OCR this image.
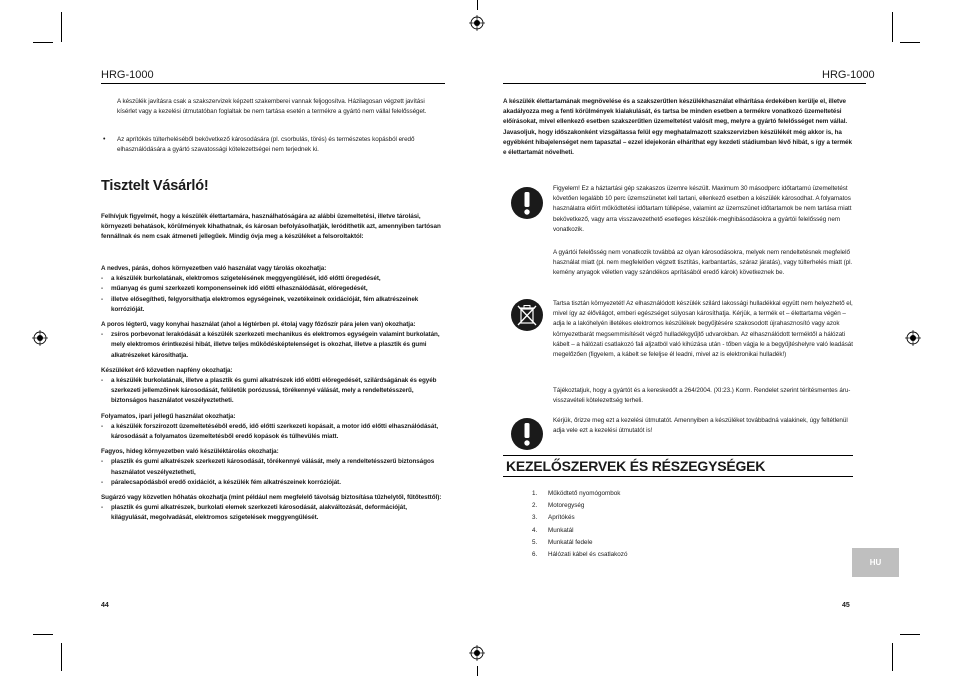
HRG-1000	HRG-1000
A készülék javításra csak a szakszervizek képzett szakemberei vannak feljogosítva. Házilagosan végzett javítási kísérlet vagy a kezelési útmutatóban foglaltak be nem tartása esetén a termékre a gyártó nem vállal felelősséget.
• Az aprítókés túlterheléséből bekövetkező károsodására (pl. csorbulás, törés) és természetes kopásból eredő elhasználódására a gyártó szavatossági kötelezettségei nem terjednek ki.
Tisztelt Vásárló!
Felhívjuk figyelmét, hogy a készülék élettartamára, használhatóságára az alábbi üzemeltetési, illetve tárolási, környezeti behatások, körülmények kihathatnak, és károsan befolyásolhatják, leródíthetik azt, amennyiben tartósan fennállnak és nem csak átmeneti jellegűek. Mindig óvja meg a készüléket a felsoroltaktól:
A nedves, párás, dohos környezetben való használat vagy tárolás okozhatja:
- a készülék burkolatának, elektromos szigetelésének meggyengülését, idő előtti öregedését,
- műanyag és gumi szerkezeti komponenseinek idő előtti elhasználódását, elöregedését,
- illetve elősegítheti, felgyorsíthatja elektromos egységeinek, vezetékeinek oxidációját, fém alkatrészeinek korrózióját.
A poros légterű, vagy konyhai használat (ahol a légtérben pl. étolaj vagy főzőszír pára jelen van) okozhatja:
- zsíros porbevonat lerakódását a készülék szerkezeti mechanikus és elektromos egységein valamint burkolatán, mely elektromos érintkezési hibát, illetve teljes működésképtelenséget is okozhat, illetve a plasztik és gumi alkatrészeket károsíthatja.
Készüléket érő közvetlen napfény okozhatja:
- a készülék burkolatának, illetve a plasztik és gumi alkatrészek idő előtti elöregedését, szilárdságának és egyéb szerkezeti jellemzőinek károsodását, felületük porózussá, törékennyé válását, mely a rendeltetésszerű, biztonságos használatot veszélyeztetheti.
Folyamatos, ipari jellegű használat okozhatja:
- a készülék forszírozott üzemeltetéséből eredő, idő előtti szerkezeti kopásait, a motor idő előtti elhasználódását, károsodását a folyamatos üzemeltetésből eredő kopások és túlhevülés miatt.
Fagyos, hideg környezetben való készüléktárolás okozhatja:
- plasztik és gumi alkatrészek szerkezeti károsodását, törékennyé válását, mely a rendeltetésszerű biztonságos használatot veszélyeztetheti,
- páralecsapódásból eredő oxidációt, a készülék fém alkatrészeinek korrózióját.
Sugárzó vagy közvetlen hőhatás okozhatja (mint például nem megfelelő távolság biztosítása tűzhelytől, fűtőtesttől):
- plasztik és gumi alkatrészek, burkolati elemek szerkezeti károsodását, alakváltozását, deformációját, kilágyulását, megolvadását, elektromos szigetelések meggyengülését.
44
A készülék élettartamának megnövelése és a szakszerűtlen készülékhasználat elhárítása érdekében kerülje el, illetve akadályozza meg a fenti körülmények kialakulását, és tartsa be minden esetben a termékre vonatkozó üzemeltetési előírásokat, mivel ellenkező esetben szakszerűtlen üzemeltetést valósít meg, melyre a gyártó felelősséget nem vállal. Javasoljuk, hogy időszakonként vizsgáltassa felül egy meghatalmazott szakszervizben készülékét még akkor is, ha egyébként hibajelenséget nem tapasztal – ezzel idejekorán elháríthat egy kezdeti stádiumban lévő hibát, s így a termék e élettartamát növelheti.
Figyelem! Ez a háztartási gép szakaszos üzemre készült. Maximum 30 másodperc időtartamú üzemeltetést követően legalább 10 perc üzemszünetet kell tartani, ellenkező esetben a készülék károsodhat. A folyamatos használatra előírt működtetési időtartam túllépése, valamint az üzemszünet időtartamok be nem tartása miatt bekövetkező, vagy arra visszavezethető esetleges készülék-meghibásodásokra a gyártói felelősség nem vonatkozik.
A gyártói felelősség nem vonatkozik továbbá az olyan károsodásokra, melyek nem rendeltetésnek megfelelő használat miatt (pl. nem megfelelően végzett tisztítás, karbantartás, száraz járatás), vagy túlterhelés miatt (pl. kemény anyagok véletlen vagy szándékos aprításából eredő károk) következnek be.
Tartsa tisztán környezetét! Az elhasználódott készülék szilárd lakossági hulladékkal együtt nem helyezhető el, mivel így az élővilágot, emberi egészséget súlyosan károsíthatja. Kérjük, a termék et – élettartama végén – adja le a lakóhelyén illetékes elektromos készülékek begyűjtésére szakosodott újrahasznosító vagy azok környezetbarát megsemmisítését végző hulladékgyűjtő udvarokban. Az elhasználódott terméktől a hálózati kábelt – a hálózati csatlakozó fali aljzatból való kihúzása után - tőben vágja le a begyűjtéshelyre való leadását megelőzően (figyelem, a kábelt se feleljse él leadni, mivel az is elektronikai hulladék!)
Tájékoztatjuk, hogy a gyártót és a kereskedőt a 264/2004. (XI:23.) Korm. Rendelet szerint térítésmentes áru-visszavételi kötelezettség terheli.
Kérjük, őrizze meg ezt a kezelési útmutatót. Amennyiben a készüléket továbbadná valakinek, úgy feltétlenül adja vele ezt a kezelési útmutatót is!
KEZELŐSZERVEK ÉS RÉSZEGYSÉGEK
1.	Működtető nyomógombok
2.	Motoregység
3.	Aprítókés
4.	Munkatál
5.	Munkatál fedele
6.	Hálózati kábel és csatlakozó
HU
45
